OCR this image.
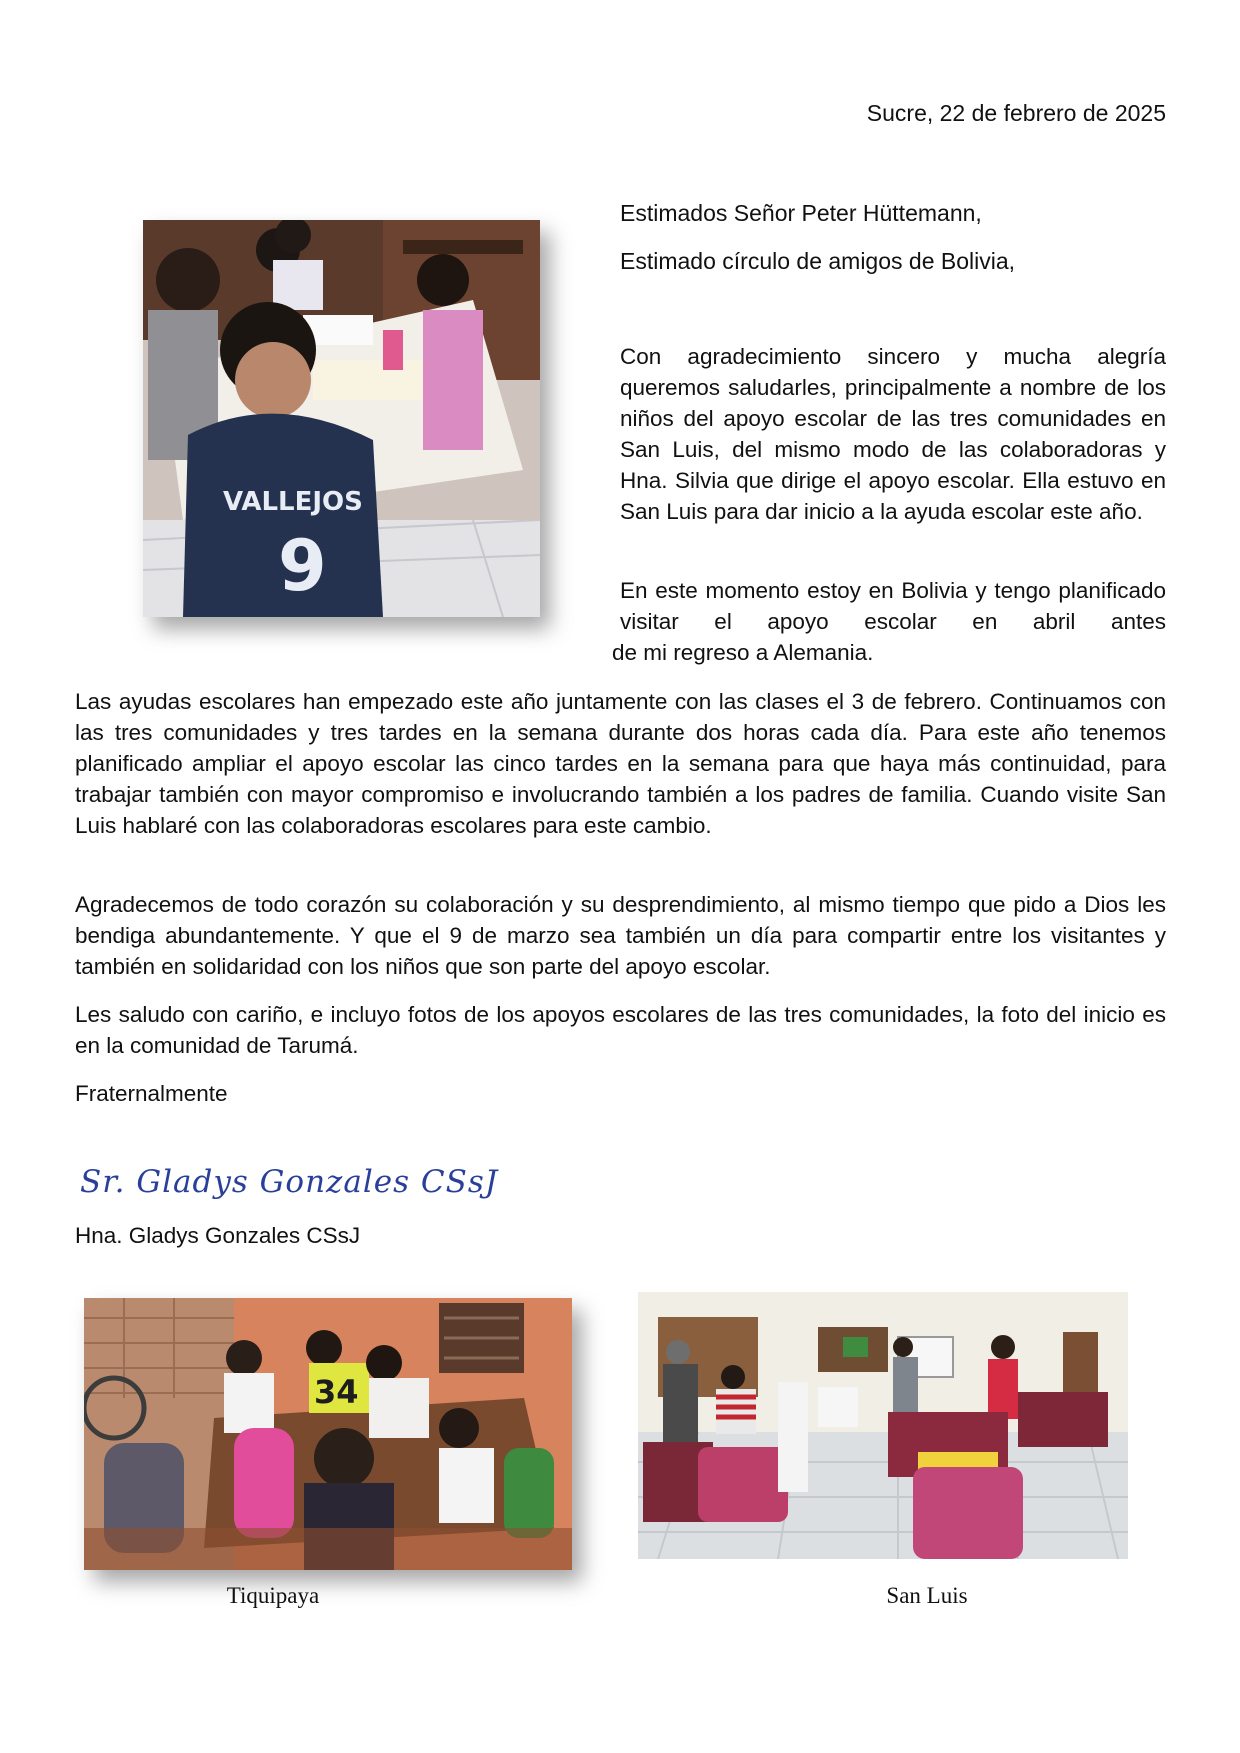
Sucre, 22 de febrero de 2025
VALLEJOS
9
Estimados Señor Peter Hüttemann,
Estimado círculo de amigos de Bolivia,

Con agradecimiento sincero y mucha alegría queremos saludarles, principalmente a nombre de los niños del apoyo escolar de las tres comunidades en San Luis, del mismo modo de las colaboradoras y Hna. Silvia que dirige el apoyo escolar. Ella estuvo en San Luis para dar inicio a la ayuda escolar este año.

En este momento estoy en Bolivia y tengo planificado visitar el apoyo escolar en abril antes
de mi regreso a Alemania.

Las ayudas escolares han empezado este año juntamente con las clases el 3 de febrero. Continuamos con las tres comunidades y tres tardes en la semana durante dos horas cada día. Para este año tenemos planificado ampliar el apoyo escolar las cinco tardes en la semana para que haya más continuidad, para trabajar también con mayor compromiso e involucrando también a los padres de familia. Cuando visite San Luis hablaré con las colaboradoras escolares para este cambio.

Agradecemos de todo corazón su colaboración y su desprendimiento, al mismo tiempo que pido a Dios les bendiga abundantemente. Y que el 9 de marzo sea también un día para compartir entre los visitantes y también en solidaridad con los niños que son parte del apoyo escolar.

Les saludo con cariño, e incluyo fotos de los apoyos escolares de las tres comunidades, la foto del inicio es en la comunidad de Tarumá.

Fraternalmente
Sr. Gladys Gonzales CSsJ
Hna. Gladys Gonzales CSsJ
34
Tiquipaya	San Luis
